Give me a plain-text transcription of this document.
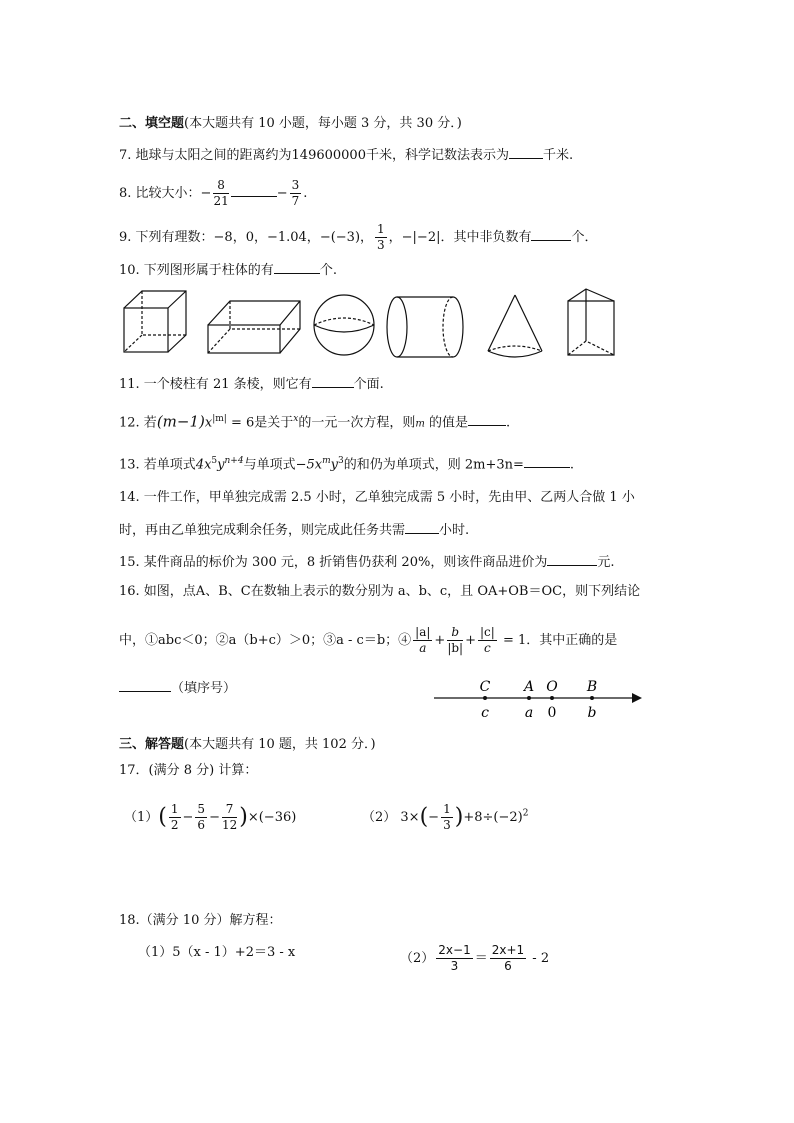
二、填空题(本大题共有 10 小题，每小题 3 分，共 30 分．)
7. 地球与太阳之间的距离约为149600000千米，科学记数法表示为	千米.
8. 比较大小：− $\frac{8}{21}$	− $\frac{3}{7}$ .
9. 下列有理数：−8，0，−1.04，−(−3)， $\frac{1}{3}$ ，−|−2|．其中非负数有	个．
10. 下列图形属于柱体的有	个.
11. 一个棱柱有 21 条棱，则它有	个面.
12. 若$(m-1)x^{|m|} = 6$是关于$^x$的一元一次方程，则m 的值是	.
13. 若单项式$4x^5y^{n+4}$与单项式$-5x^my^3$的和仍为单项式，则 2m+3n=	.
14. 一件工作，甲单独完成需 2.5 小时，乙单独完成需 5 小时，先由甲、乙两人合做 1 小
时，再由乙单独完成剩余任务，则完成此任务共需	小时.
15. 某件商品的标价为 300 元，8 折销售仍获利 20%，则该件商品进价为	元.
16. 如图，点A、B、C在数轴上表示的数分别为 a、b、c，且 OA+OB＝OC，则下列结论
中，①abc＜0；②a（b+c）＞0；③a - c＝b；④ $\frac{|a|}{a} + \frac{b}{|b|} + \frac{|c|}{c} = 1$．其中正确的是
（填序号）	C A O B
c	a 0 b
三、解答题(本大题共有 10 题，共 102 分．)
17．(满分 8 分) 计算：
$(1)( \frac{1}{2} - \frac{5}{6} - \frac{7}{12} )\times(-36)$	（2） $3\times(- \frac{1}{3} )+8\div(-2)^2$
18.（满分 10 分）解方程：
（1）5（x - 1）+2＝3 - x	$(2) \frac{2x-1}{3} = \frac{2x+1}{6} - 2$
